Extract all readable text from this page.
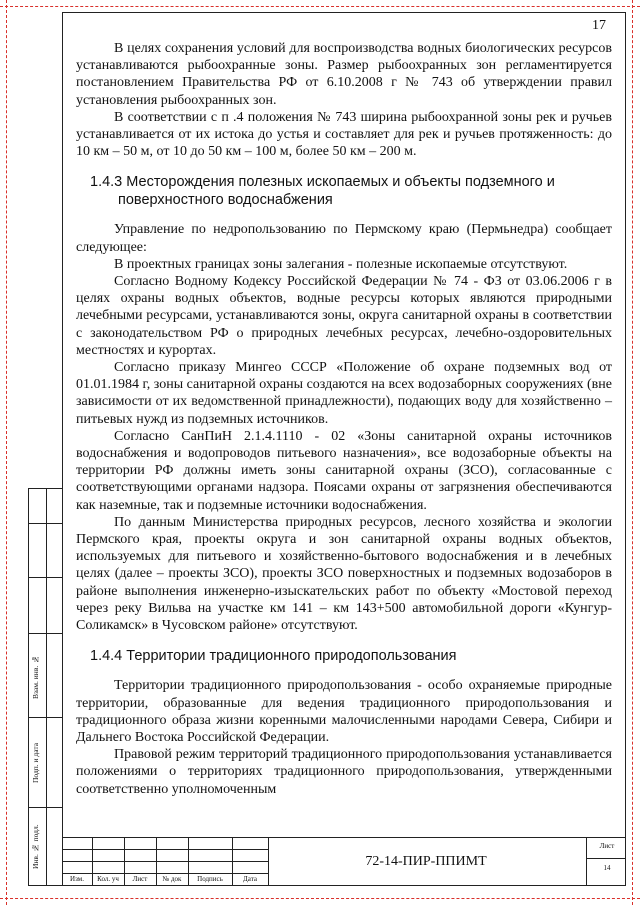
Взам. инв. №
Подп. и дата
Инв. № подл.
17

В целях сохранения условий для воспроизводства водных биологических ресурсов устанавливаются рыбоохранные зоны. Размер рыбоохранных зон регламентируется постановлением Правительства РФ от 6.10.2008 г № 743 об утверждении правил установления рыбоохранных зон.

В соответствии с п .4 положения № 743 ширина рыбоохранной зоны рек и ручьев устанавливается от их истока до устья и составляет для рек и ручьев протяженность: до 10 км – 50 м, от 10 до 50 км – 100 м, более 50 км – 200 м.

1.4.3 Месторождения полезных ископаемых и объекты подземного и поверхностного водоснабжения

Управление по недропользованию по Пермскому краю (Пермьнедра) сообщает следующее:

В проектных границах зоны залегания - полезные ископаемые отсутствуют.

Согласно Водному Кодексу Российской Федерации № 74 - ФЗ от 03.06.2006 г в целях охраны водных объектов, водные ресурсы которых являются природными лечебными ресурсами, устанавливаются зоны, округа санитарной охраны в соответствии с законодательством РФ о природных лечебных ресурсах, лечебно-оздоровительных местностях и курортах.

Согласно приказу Мингео СССР «Положение об охране подземных вод от 01.01.1984 г, зоны санитарной охраны создаются на всех водозаборных сооружениях (вне зависимости от их ведомственной принадлежности), подающих воду для хозяйственно – питьевых нужд из подземных источников.

Согласно СанПиН 2.1.4.1110 - 02 «Зоны санитарной охраны источников водоснабжения и водопроводов питьевого назначения», все водозаборные объекты на территории РФ должны иметь зоны санитарной охраны (ЗСО), согласованные с соответствующими органами надзора. Поясами охраны от загрязнения обеспечиваются как наземные, так и подземные источники водоснабжения.

По данным Министерства природных ресурсов, лесного хозяйства и экологии Пермского края, проекты округа и зон санитарной охраны водных объектов, используемых для питьевого и хозяйственно-бытового водоснабжения и в лечебных целях (далее – проекты ЗСО), проекты ЗСО поверхностных и подземных водозаборов в районе выполнения инженерно-изыскательских работ по объекту «Мостовой переход через реку Вильва на участке км 141 – км 143+500 автомобильной дороги «Кунгур-Соликамск» в Чусовском районе» отсутствуют.

1.4.4 Территории традиционного природопользования

Территории традиционного природопользования - особо охраняемые природные территории, образованные для ведения традиционного природопользования и традиционного образа жизни коренными малочисленными народами Севера, Сибири и Дальнего Востока Российской Федерации.

Правовой режим территорий традиционного природопользования устанавливается положениями о территориях традиционного природопользования, утвержденными соответственно уполномоченным

Изм.	Кол. уч	Лист	№ док	Подпись	Дата
72-14-ПИР-ППИМТ
Лист
14
